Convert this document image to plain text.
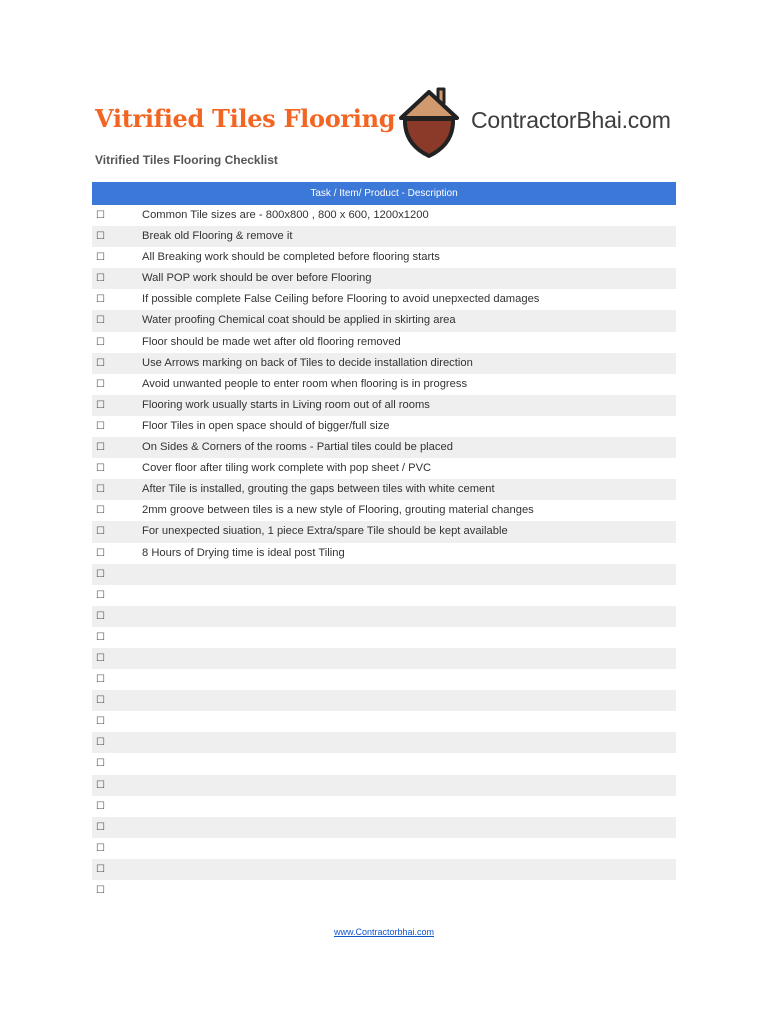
Vitrified Tiles Flooring
Vitrified Tiles Flooring Checklist
ContractorBhai.com
Task / Item/ Product - Description
☐	Common Tile sizes are - 800x800 , 800 x 600, 1200x1200
☐	Break old Flooring & remove it
☐	All Breaking work should be completed before flooring starts
☐	Wall POP work should be over before Flooring
☐	If possible complete False Ceiling before Flooring to avoid unepxected damages
☐	Water proofing Chemical coat should be applied in skirting area
☐	Floor should be made wet after old flooring removed
☐	Use Arrows marking on back of Tiles to decide installation direction
☐	Avoid unwanted people to enter room when flooring is in progress
☐	Flooring work usually starts in Living room out of all rooms
☐	Floor Tiles in open space should of bigger/full size
☐	On Sides & Corners of the rooms - Partial tiles could be placed
☐	Cover floor after tiling work complete with pop sheet / PVC
☐	After Tile is installed, grouting the gaps between tiles with white cement
☐	2mm groove between tiles is a new style of Flooring, grouting material changes
☐	For unexpected siuation, 1 piece Extra/spare Tile should be kept available
☐	8 Hours of Drying time is ideal post Tiling
☐
☐
☐
☐
☐
☐
☐
☐
☐
☐
☐
☐
☐
☐
☐
☐
www.Contractorbhai.com
